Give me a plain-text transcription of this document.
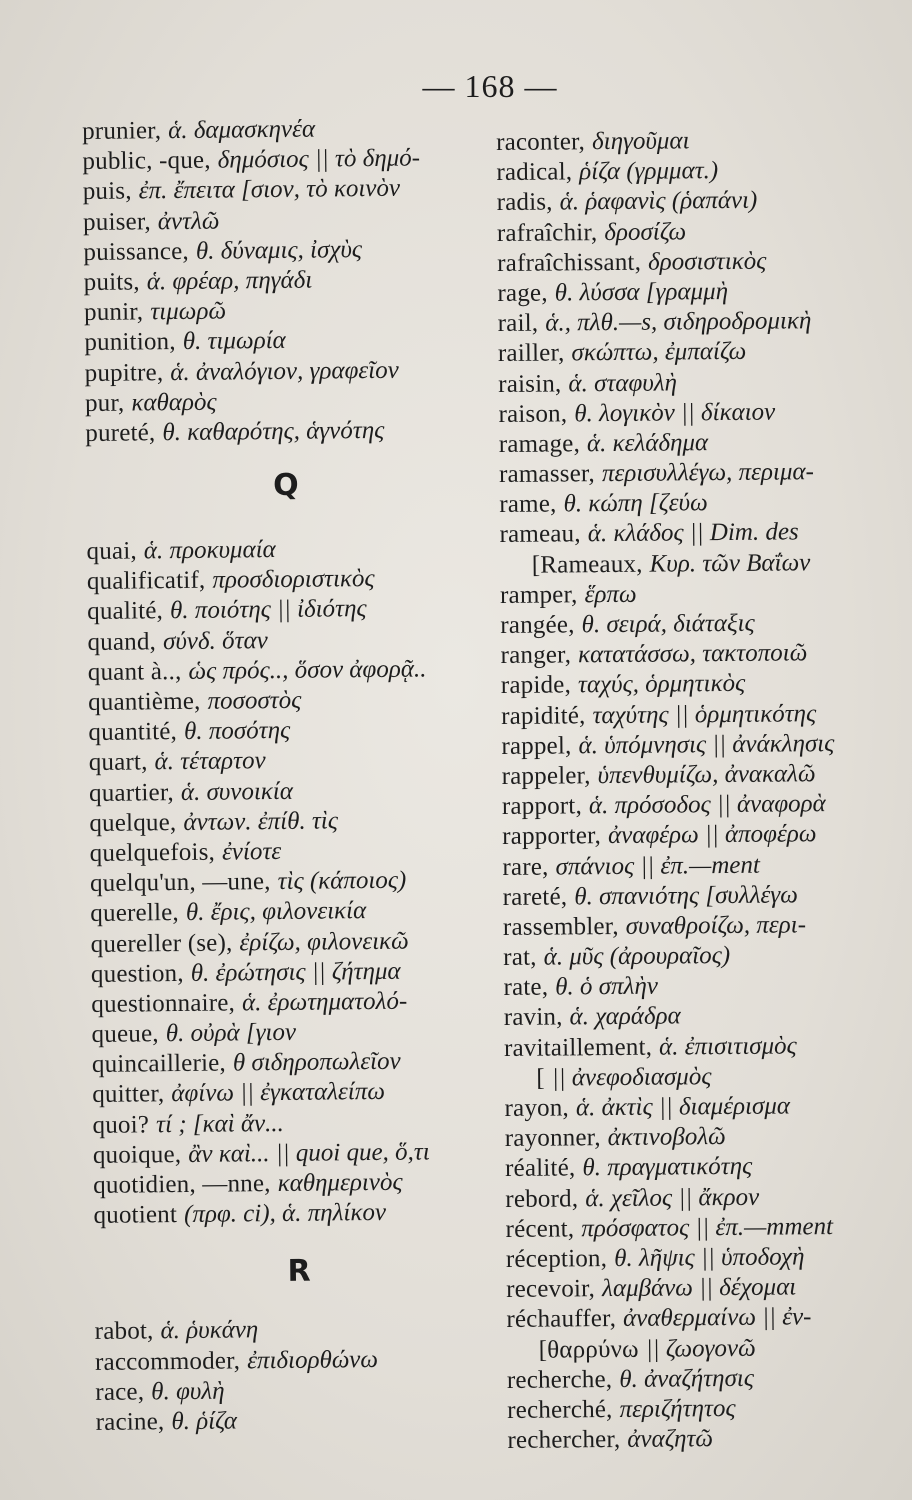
— 168 —
prunier, ἁ. δαμασκηνέα
public, -que, δημόσιος || τὸ δημό-
puis, ἐπ. ἔπειτα [σιον, τὸ κοινὸν
puiser, ἀντλῶ
puissance, θ. δύναμις, ἰσχὺς
puits, ἁ. φρέαρ, πηγάδι
punir, τιμωρῶ
punition, θ. τιμωρία
pupitre, ἁ. ἀναλόγιον, γραφεῖον
pur, καθαρὸς
pureté, θ. καθαρότης, ἁγνότης
Q
quai, ἁ. προκυμαία
qualificatif, προσδιοριστικὸς
qualité, θ. ποιότης || ἰδιότης
quand, σύνδ. ὅταν
quant à.., ὡς πρός.., ὅσον ἀφορᾷ..
quantième, ποσοστὸς
quantité, θ. ποσότης
quart, ἁ. τέταρτον
quartier, ἁ. συνοικία
quelque, ἀντων. ἐπίθ. τὶς
quelquefois, ἐνίοτε
quelqu'un, —une, τὶς (κάποιος)
querelle, θ. ἔρις, φιλονεικία
quereller (se), ἐρίζω, φιλονεικῶ
question, θ. ἐρώτησις || ζήτημα
questionnaire, ἁ. ἐρωτηματολό-
queue, θ. οὐρὰ [γιον
quincaillerie, θ σιδηροπωλεῖον
quitter, ἀφίνω || ἐγκαταλείπω
quoi? τί ; [καὶ ἄν...
quoique, ἂν καὶ... || quoi que, ὅ,τι
quotidien, —nne, καθημερινὸς
quotient (πρφ. ci), ἁ. πηλίκον
R
rabot, ἁ. ῥυκάνη
raccommoder, ἐπιδιορθώνω
race, θ. φυλὴ
racine, θ. ῥίζα
raconter, διηγοῦμαι
radical, ῥίζα (γρμματ.)
radis, ἁ. ῥαφανὶς (ῥαπάνι)
rafraîchir, δροσίζω
rafraîchissant, δροσιστικὸς
rage, θ. λύσσα [γραμμὴ
rail, ἁ., πλθ.—s, σιδηροδρομικὴ
railler, σκώπτω, ἐμπαίζω
raisin, ἁ. σταφυλὴ
raison, θ. λογικὸν || δίκαιον
ramage, ἁ. κελάδημα
ramasser, περισυλλέγω, περιμα-
rame, θ. κώπη [ζεύω
rameau, ἁ. κλάδος || Dim. des
[Rameaux, Κυρ. τῶν Βαΐων
ramper, ἕρπω
rangée, θ. σειρά, διάταξις
ranger, κατατάσσω, τακτοποιῶ
rapide, ταχύς, ὁρμητικὸς
rapidité, ταχύτης || ὁρμητικότης
rappel, ἁ. ὑπόμνησις || ἀνάκλησις
rappeler, ὑπενθυμίζω, ἀνακαλῶ
rapport, ἁ. πρόσοδος || ἀναφορὰ
rapporter, ἀναφέρω || ἀποφέρω
rare, σπάνιος || ἐπ.—ment
rareté, θ. σπανιότης [συλλέγω
rassembler, συναθροίζω, περι-
rat, ἁ. μῦς (ἀρουραῖος)
rate, θ. ὁ σπλὴν
ravin, ἁ. χαράδρα
ravitaillement, ἁ. ἐπισιτισμὸς
[ || ἀνεφοδιασμὸς
rayon, ἁ. ἀκτὶς || διαμέρισμα
rayonner, ἀκτινοβολῶ
réalité, θ. πραγματικότης
rebord, ἁ. χεῖλος || ἄκρον
récent, πρόσφατος || ἐπ.—mment
réception, θ. λῆψις || ὑποδοχὴ
recevoir, λαμβάνω || δέχομαι
réchauffer, ἀναθερμαίνω || ἐν-
[θαρρύνω || ζωογονῶ
recherche, θ. ἀναζήτησις
recherché, περιζήτητος
rechercher, ἀναζητῶ
